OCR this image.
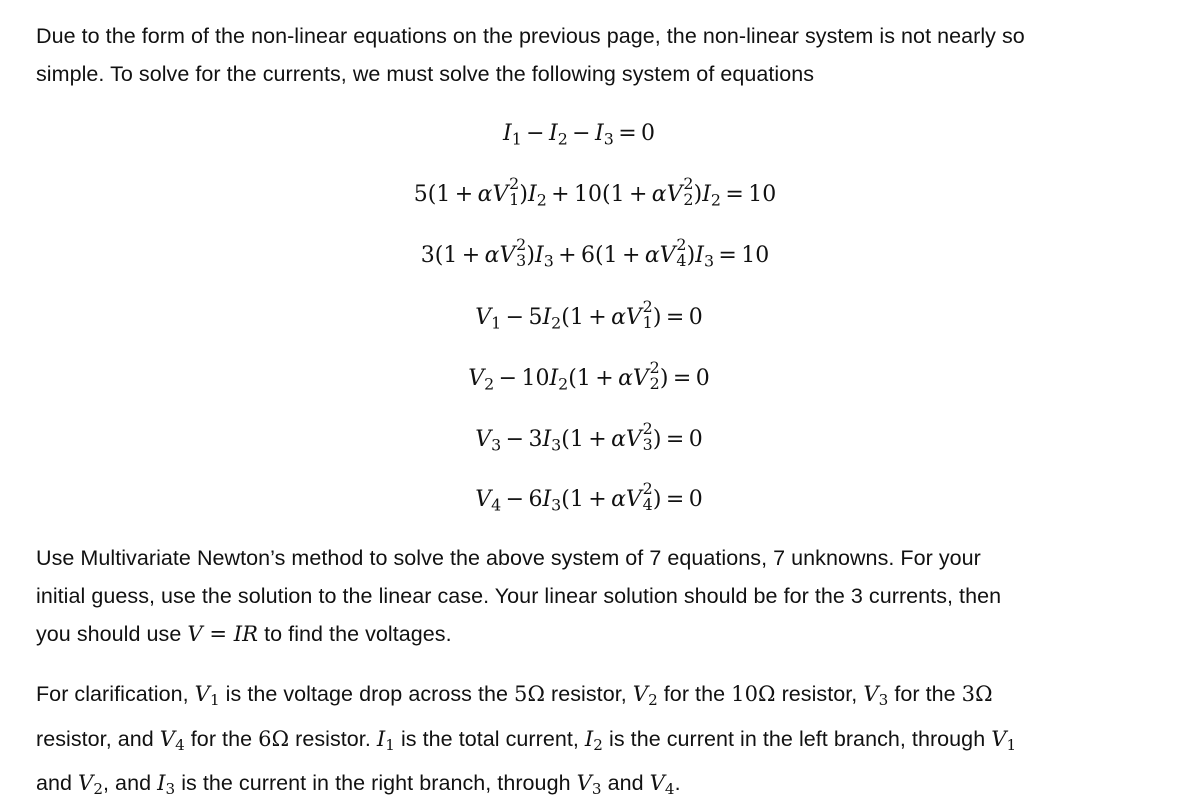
Due to the form of the non-linear equations on the previous page, the non-linear system is not nearly so
simple. To solve for the currents, we must solve the following system of equations
$I_1 - I_2 - I_3 = 0$
5(1 + αV 2
1 )$I_2 + 10(1 + \alpha V$ 2
2 )$I_2 = 10$
3(1 + αV 2
3 )$I_3 + 6(1 + \alpha V$ 2
4 )$I_3 = 10$
$V_1 - 5I_2(1 + \alpha V$ 2
1 ) = 0
$V_2 - 10I_2(1 + \alpha V$ 2
2 ) = 0
$V_3 - 3I_3(1 + \alpha V$ 2
3 ) = 0
$V_4 - 6I_3(1 + \alpha V$ 2
4 ) = 0
Use Multivariate Newton’s method to solve the above system of 7 equations, 7 unknowns. For your
initial guess, use the solution to the linear case. Your linear solution should be for the 3 currents, then
you should use V = IR to find the voltages.
For clarification, $V_1$ is the voltage drop across the 5Ω resistor, $V_2$ for the 10Ω resistor, $V_3$ for the 3Ω
resistor, and $V_4$ for the 6Ω resistor. $I_1$ is the total current, $I_2$ is the current in the left branch, through $V_1$
and $V_2$, and $I_3$ is the current in the right branch, through $V_3$ and $V_4$.
